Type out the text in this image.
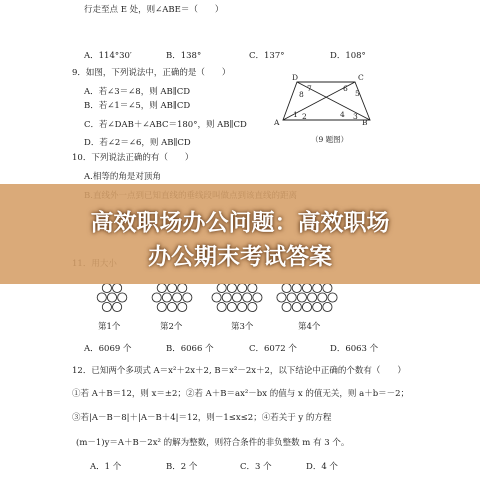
行走至点 E 处，则∠ABE＝（　　）
A．114°30′	B．138°	C．137°	D．108°
9．如图，下列说法中，正确的是（　　）
A．若∠3＝∠8，则 AB∥CD
B．若∠1＝∠5，则 AB∥CD
C．若∠DAB＋∠ABC＝180°，则 AB∥CD
D．若∠2＝∠6，则 AB∥CD
D	C
A	B
7	6
8	5
1 2	4 3
（9 题图）
10．下列说法正确的有（　　）
A.相等的角是对顶角
第1个	第2个	第3个	第4个
A．6069 个	B．6066 个	C．6072 个	D．6063 个
12．已知两个多项式 A＝x²＋2x＋2, B＝x²－2x＋2，以下结论中正确的个数有（　　）
①若 A＋B＝12，则 x＝±2；②若 A＋B＝ax²－bx 的值与 x 的值无关，则 a＋b＝－2；
③若|A－B－8|＋|A－B＋4|＝12，则－1≤x≤2；④若关于 y 的方程
(m－1)y＝A＋B－2x² 的解为整数，则符合条件的非负整数 m 有 3 个。
A．1 个	B．2 个	C．3 个	D．4 个
高效职场办公问题：高效职场
办公期末考试答案
